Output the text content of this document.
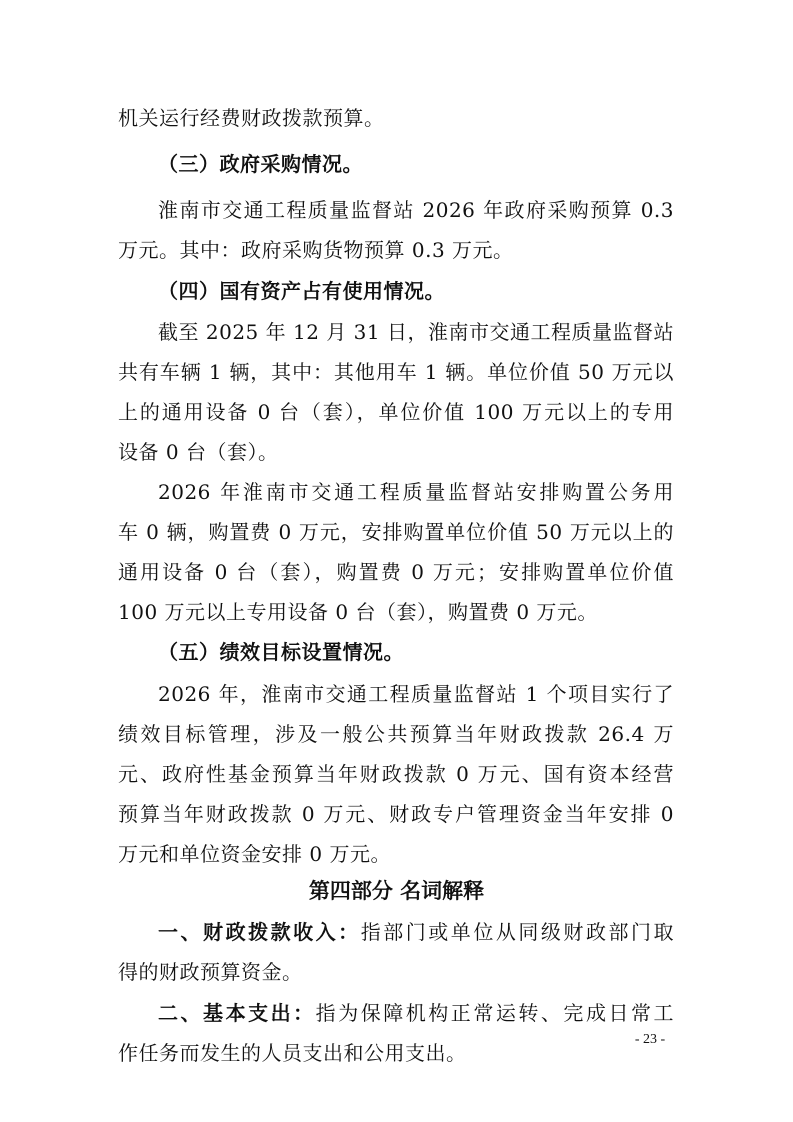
机关运行经费财政拨款预算。
（三）政府采购情况。
淮南市交通工程质量监督站 2026 年政府采购预算 0.3
万元。其中：政府采购货物预算 0.3 万元。
（四）国有资产占有使用情况。
截至 2025 年 12 月 31 日，淮南市交通工程质量监督站
共有车辆 1 辆，其中：其他用车 1 辆。单位价值 50 万元以
上的通用设备 0 台（套），单位价值 100 万元以上的专用
设备 0 台（套）。
2026 年淮南市交通工程质量监督站安排购置公务用
车 0 辆，购置费 0 万元，安排购置单位价值 50 万元以上的
通用设备 0 台（套），购置费 0 万元；安排购置单位价值
100 万元以上专用设备 0 台（套），购置费 0 万元。
（五）绩效目标设置情况。
2026 年，淮南市交通工程质量监督站 1 个项目实行了
绩效目标管理，涉及一般公共预算当年财政拨款 26.4 万
元、政府性基金预算当年财政拨款 0 万元、国有资本经营
预算当年财政拨款 0 万元、财政专户管理资金当年安排 0
万元和单位资金安排 0 万元。
第四部分 名词解释
一、财政拨款收入：指部门或单位从同级财政部门取
得的财政预算资金。
二、基本支出：指为保障机构正常运转、完成日常工
作任务而发生的人员支出和公用支出。
- 23 -
